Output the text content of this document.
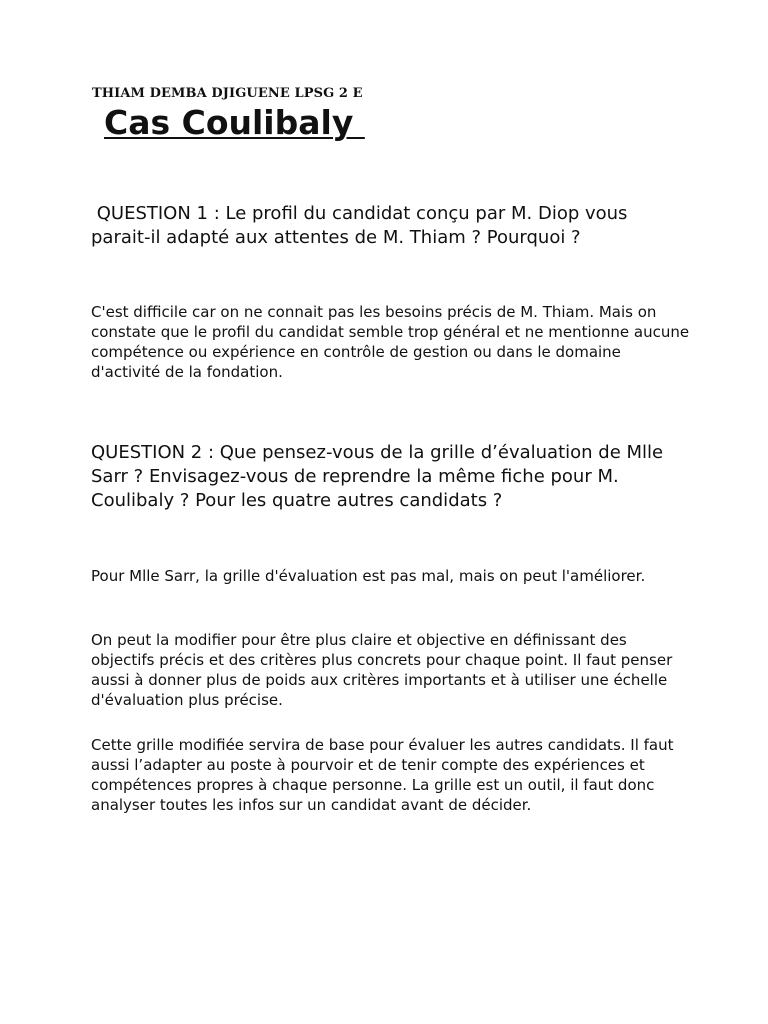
THIAM DEMBA DJIGUENE LPSG 2 E
Cas Coulibaly
QUESTION 1 : Le profil du candidat conçu par M. Diop vous parait-il adapté aux attentes de M. Thiam ? Pourquoi ?

C'est difficile car on ne connait pas les besoins précis de M. Thiam. Mais on constate que le profil du candidat semble trop général et ne mentionne aucune compétence ou expérience en contrôle de gestion ou dans le domaine d'activité de la fondation.

QUESTION 2 : Que pensez-vous de la grille d’évaluation de Mlle Sarr ? Envisagez-vous de reprendre la même fiche pour M. Coulibaly ? Pour les quatre autres candidats ?

Pour Mlle Sarr, la grille d'évaluation est pas mal, mais on peut l'améliorer.

On peut la modifier pour être plus claire et objective en définissant des objectifs précis et des critères plus concrets pour chaque point. Il faut penser aussi à donner plus de poids aux critères importants et à utiliser une échelle d'évaluation plus précise.

Cette grille modifiée servira de base pour évaluer les autres candidats. Il faut aussi l’adapter au poste à pourvoir et de tenir compte des expériences et compétences propres à chaque personne. La grille est un outil, il faut donc analyser toutes les infos sur un candidat avant de décider.
